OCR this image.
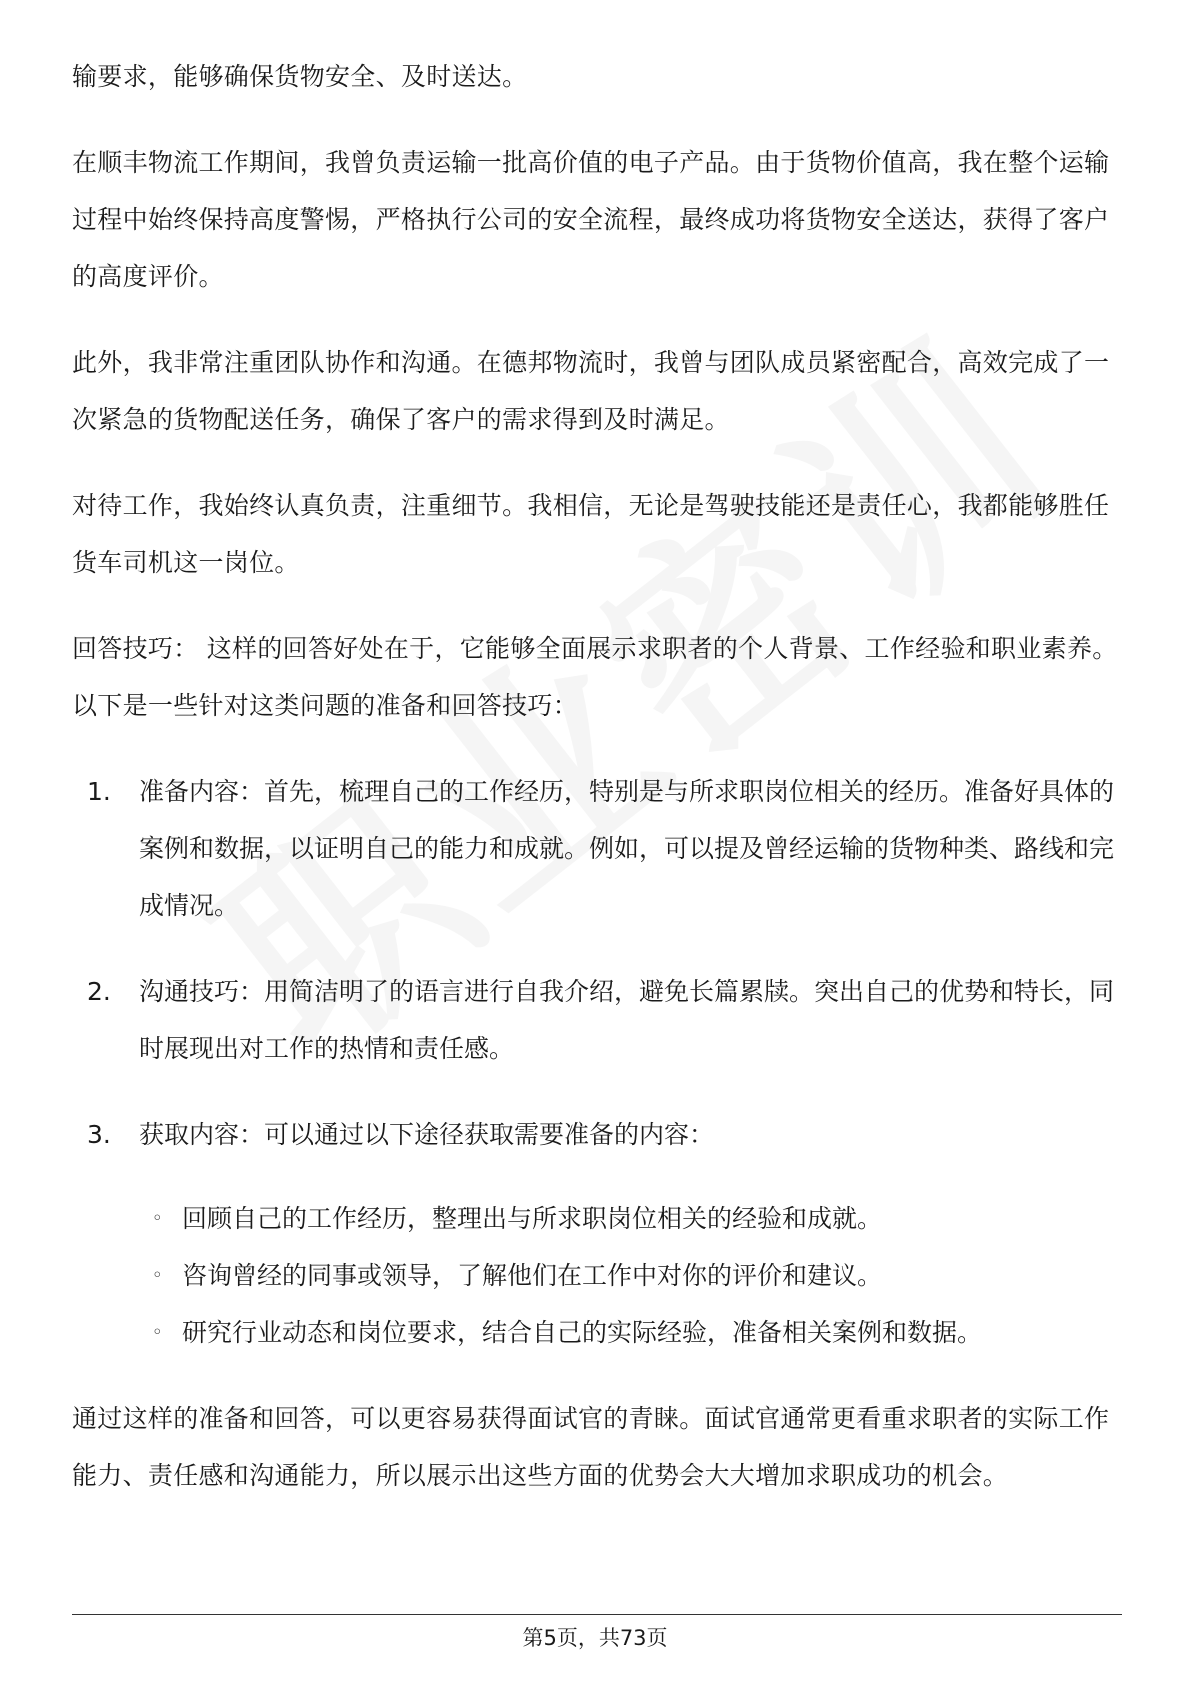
输要求，能够确保货物安全、及时送达。

在顺丰物流工作期间，我曾负责运输一批高价值的电子产品。由于货物价值高，我在整个运输过程中始终保持高度警惕，严格执行公司的安全流程，最终成功将货物安全送达，获得了客户的高度评价。

此外，我非常注重团队协作和沟通。在德邦物流时，我曾与团队成员紧密配合，高效完成了一次紧急的货物配送任务，确保了客户的需求得到及时满足。

对待工作，我始终认真负责，注重细节。我相信，无论是驾驶技能还是责任心，我都能够胜任货车司机这一岗位。

回答技巧： 这样的回答好处在于，它能够全面展示求职者的个人背景、工作经验和职业素养。以下是一些针对这类问题的准备和回答技巧：

1.	准备内容：首先，梳理自己的工作经历，特别是与所求职岗位相关的经历。准备好具体的案例和数据，以证明自己的能力和成就。例如，可以提及曾经运输的货物种类、路线和完成情况。
2.	沟通技巧：用简洁明了的语言进行自我介绍，避免长篇累牍。突出自己的优势和特长，同时展现出对工作的热情和责任感。
3.	获取内容：可以通过以下途径获取需要准备的内容：
◦ 回顾自己的工作经历，整理出与所求职岗位相关的经验和成就。
◦ 咨询曾经的同事或领导，了解他们在工作中对你的评价和建议。
◦ 研究行业动态和岗位要求，结合自己的实际经验，准备相关案例和数据。

通过这样的准备和回答，可以更容易获得面试官的青睐。面试官通常更看重求职者的实际工作能力、责任感和沟通能力，所以展示出这些方面的优势会大大增加求职成功的机会。

第5页，共73页
